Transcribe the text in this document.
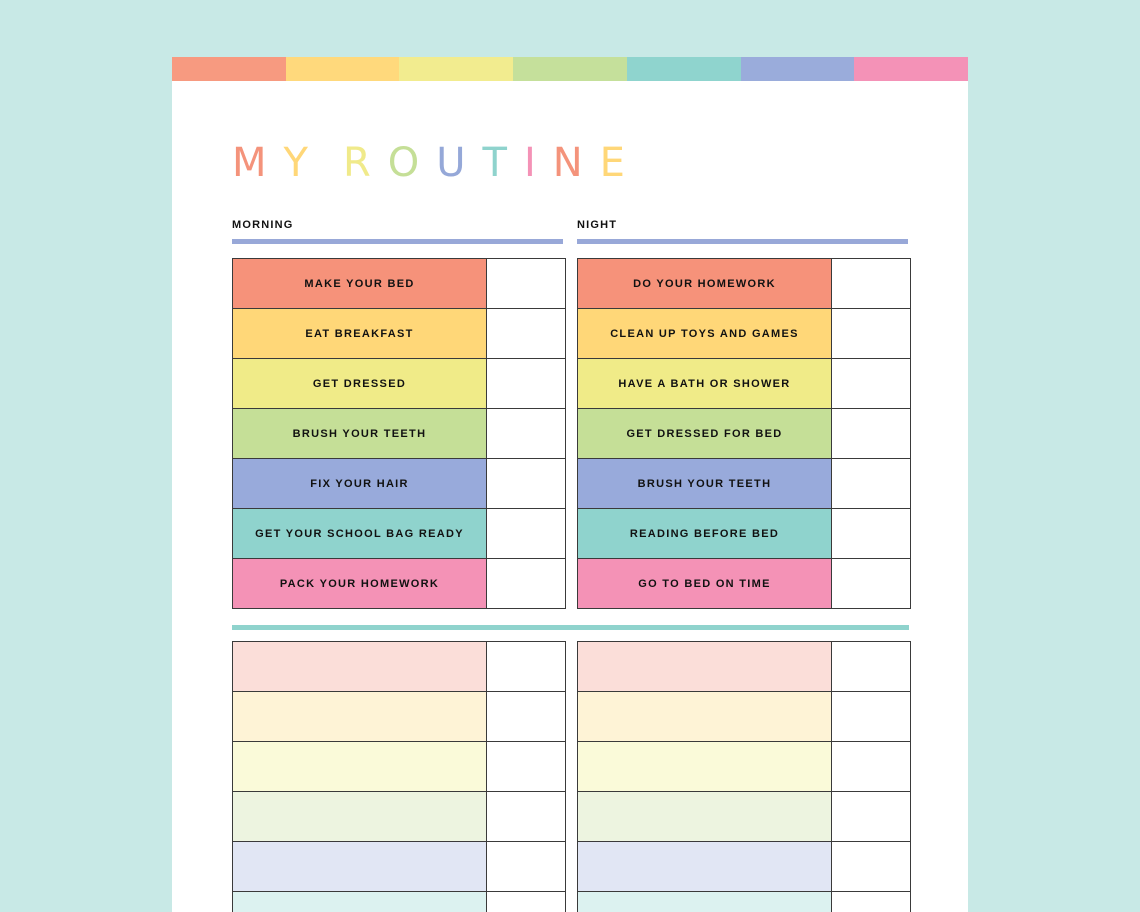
MY ROUTINE
MORNING	NIGHT
MAKE YOUR BED	
EAT BREAKFAST	
GET DRESSED	
BRUSH YOUR TEETH	
FIX YOUR HAIR	
GET YOUR SCHOOL BAG READY	
PACK YOUR HOMEWORK	
DO YOUR HOMEWORK	
CLEAN UP TOYS AND GAMES	
HAVE A BATH OR SHOWER	
GET DRESSED FOR BED	
BRUSH YOUR TEETH	
READING BEFORE BED	
GO TO BED ON TIME	
